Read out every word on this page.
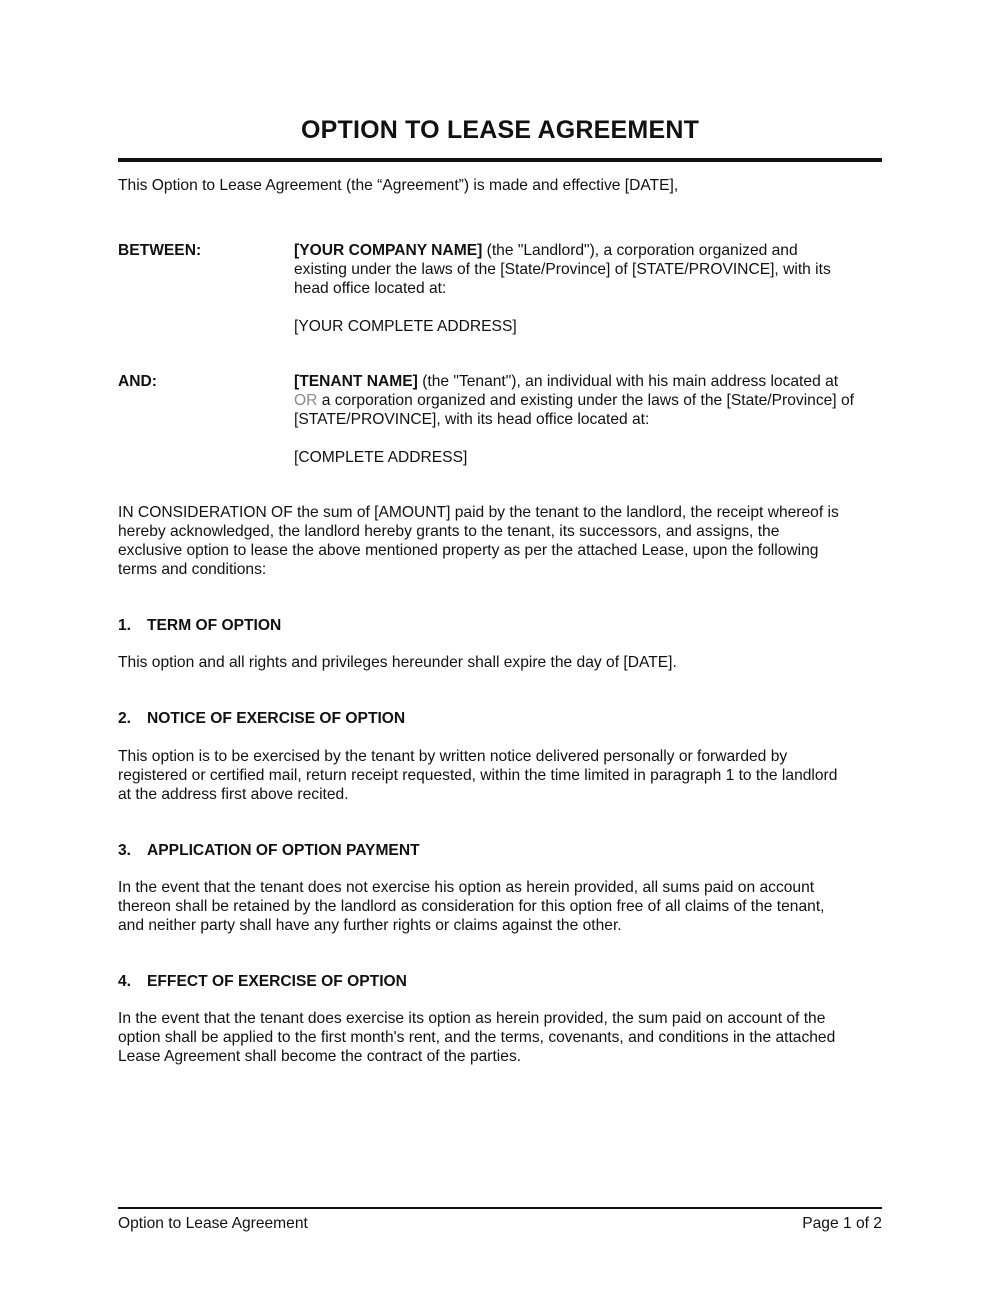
OPTION TO LEASE AGREEMENT
This Option to Lease Agreement (the “Agreement”) is made and effective [DATE],
BETWEEN:	[YOUR COMPANY NAME] (the "Landlord"), a corporation organized and
existing under the laws of the [State/Province] of [STATE/PROVINCE], with its
head office located at:
[YOUR COMPLETE ADDRESS]
AND:	[TENANT NAME] (the "Tenant"), an individual with his main address located at
OR a corporation organized and existing under the laws of the [State/Province] of
[STATE/PROVINCE], with its head office located at:
[COMPLETE ADDRESS]
IN CONSIDERATION OF the sum of [AMOUNT] paid by the tenant to the landlord, the receipt whereof is
hereby acknowledged, the landlord hereby grants to the tenant, its successors, and assigns, the
exclusive option to lease the above mentioned property as per the attached Lease, upon the following
terms and conditions:
1. TERM OF OPTION
This option and all rights and privileges hereunder shall expire the day of [DATE].
2. NOTICE OF EXERCISE OF OPTION
This option is to be exercised by the tenant by written notice delivered personally or forwarded by
registered or certified mail, return receipt requested, within the time limited in paragraph 1 to the landlord
at the address first above recited.
3. APPLICATION OF OPTION PAYMENT
In the event that the tenant does not exercise his option as herein provided, all sums paid on account
thereon shall be retained by the landlord as consideration for this option free of all claims of the tenant,
and neither party shall have any further rights or claims against the other.
4. EFFECT OF EXERCISE OF OPTION
In the event that the tenant does exercise its option as herein provided, the sum paid on account of the
option shall be applied to the first month's rent, and the terms, covenants, and conditions in the attached
Lease Agreement shall become the contract of the parties.
Option to Lease Agreement	Page 1 of 2
